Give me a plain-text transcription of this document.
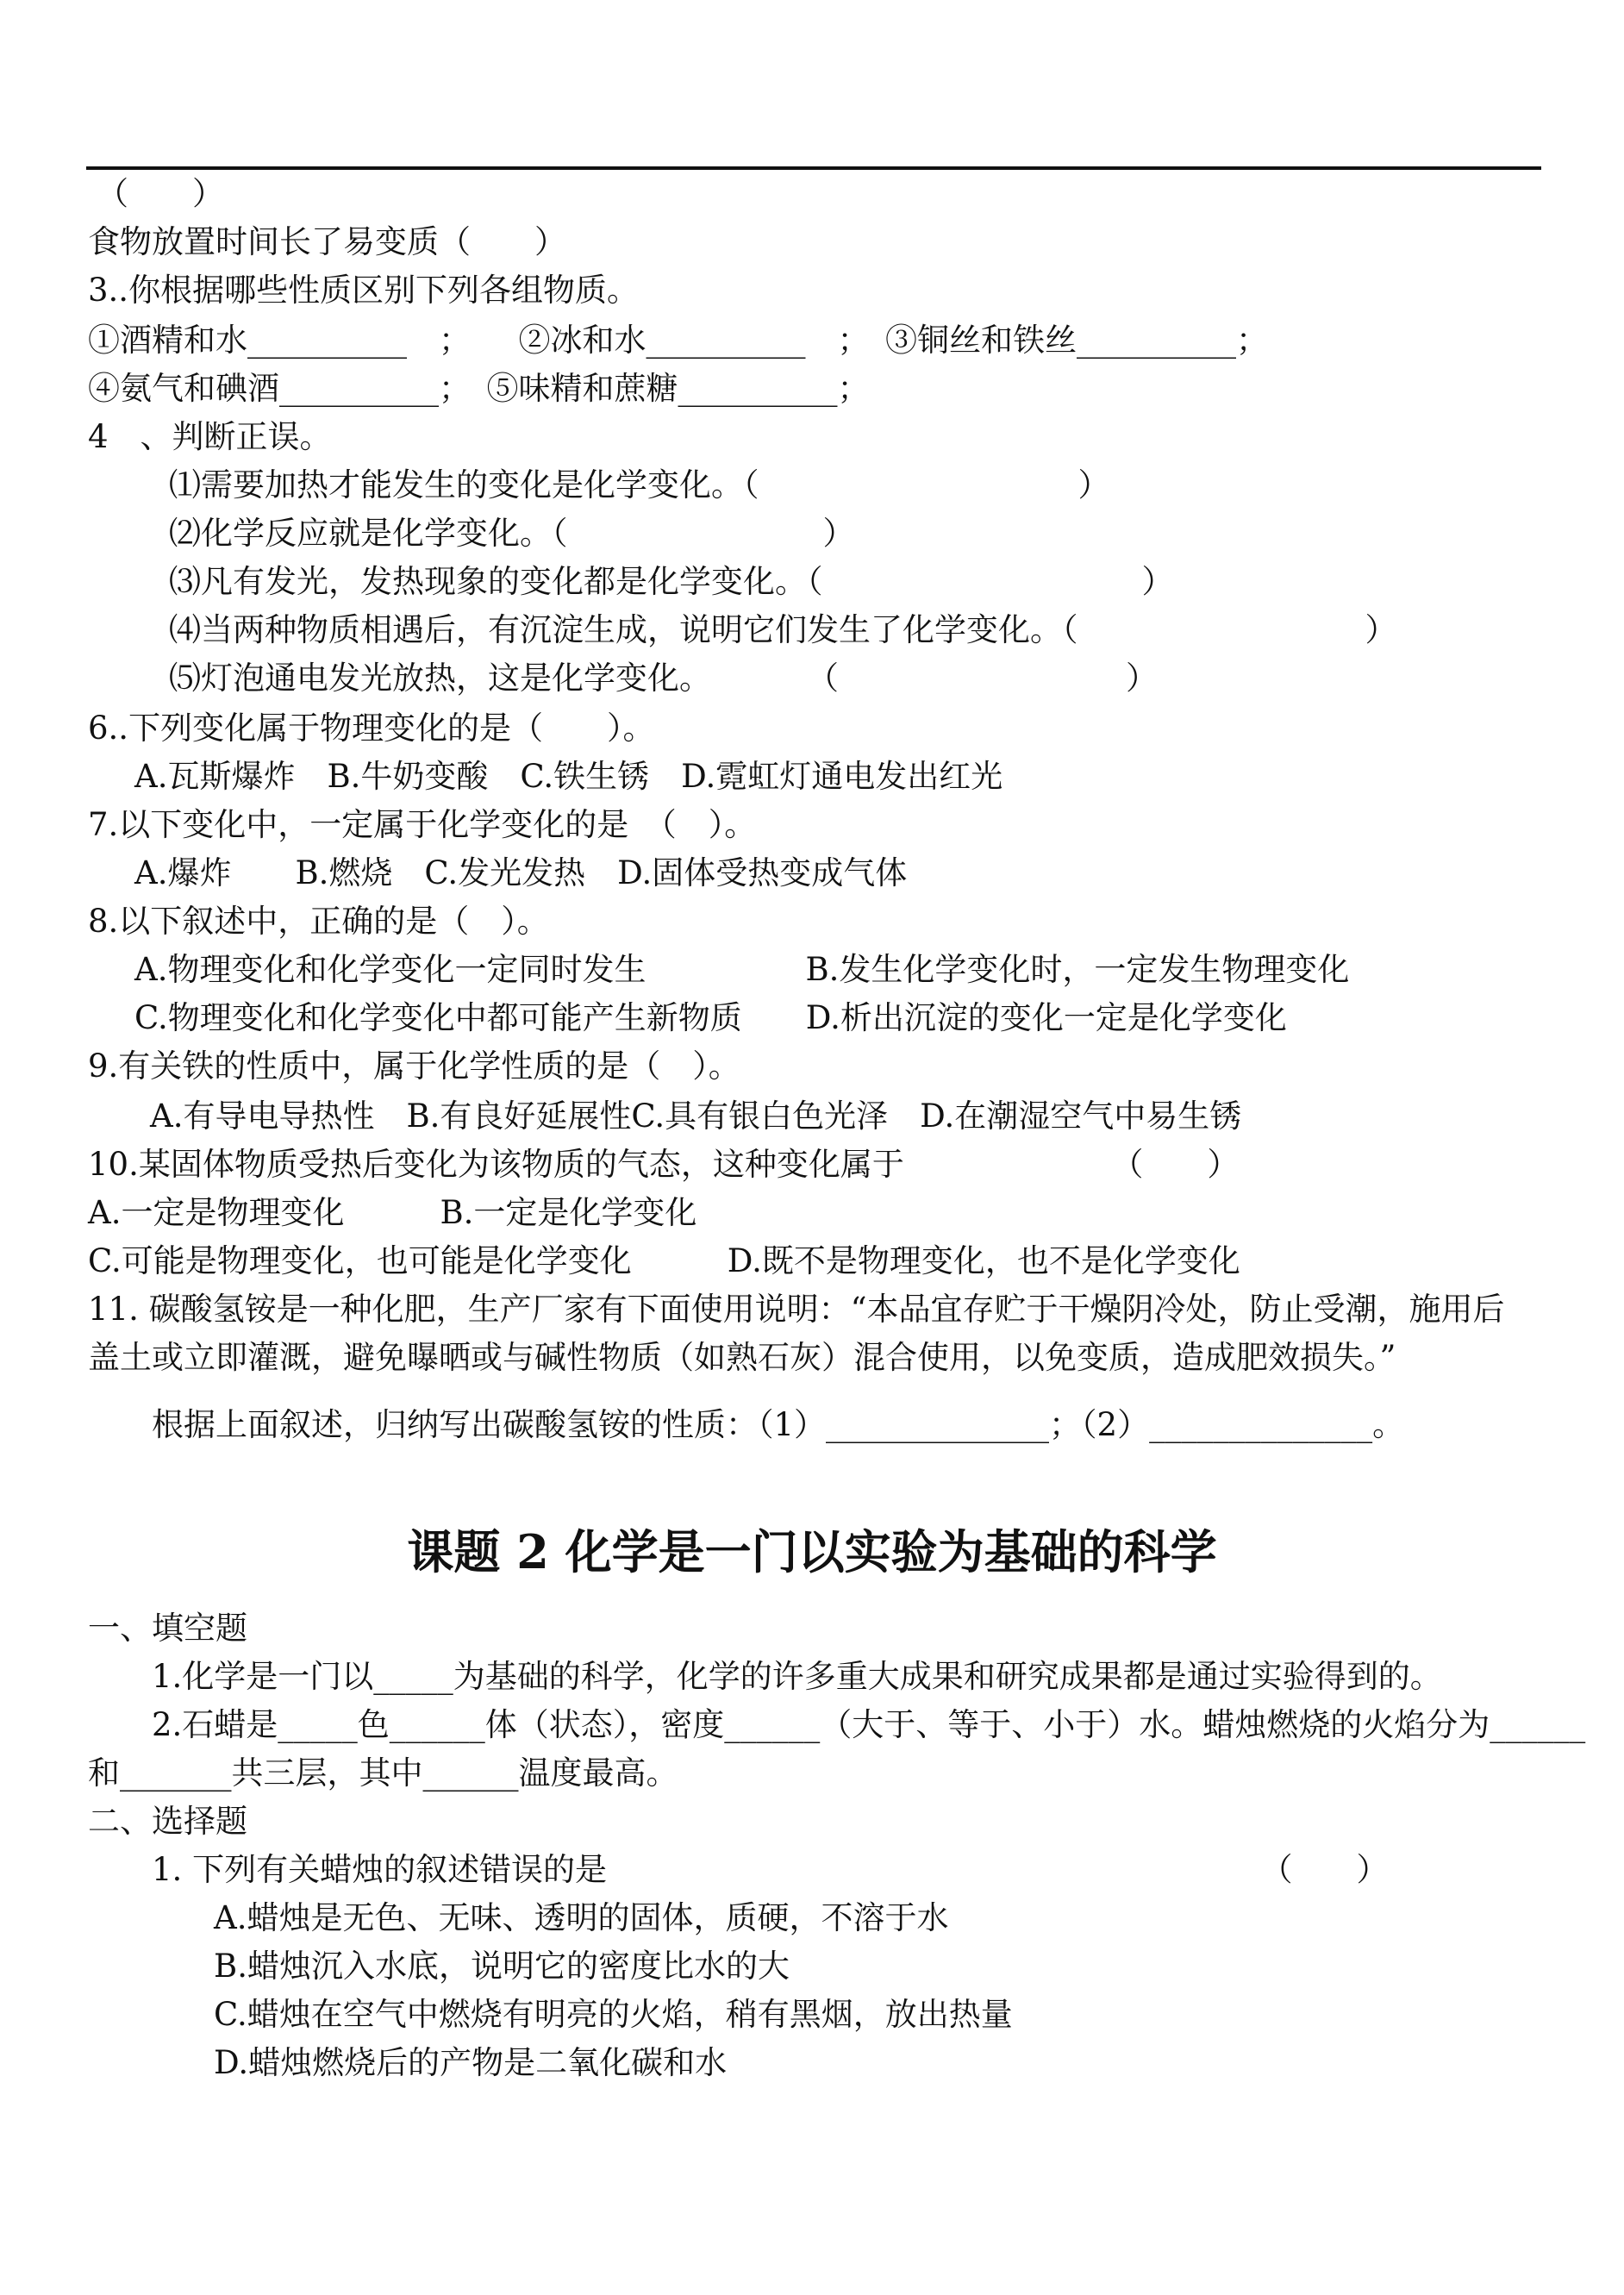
（　　）
食物放置时间长了易变质（　　）
3..你根据哪些性质区别下列各组物质。
①酒精和水__________　；　　②冰和水__________　；　③铜丝和铁丝__________；
④氨气和碘酒__________；　⑤味精和蔗糖__________；
4　、判断正误。
⑴需要加热才能发生的变化是化学变化。（　　　　　　　　　　）
⑵化学反应就是化学变化。（　　　　　　　　）
⑶凡有发光，发热现象的变化都是化学变化。（　　　　　　　　　　）
⑷当两种物质相遇后，有沉淀生成，说明它们发生了化学变化。（　　　　　　　　　）
⑸灯泡通电发光放热，这是化学变化。　　　　（　　　　　　　　　）
6..下列变化属于物理变化的是（　　）。
A.瓦斯爆炸　B.牛奶变酸　C.铁生锈　D.霓虹灯通电发出红光
7.以下变化中，一定属于化学变化的是　（　）。
A.爆炸　　B.燃烧　C.发光发热　D.固体受热变成气体
8.以下叙述中，正确的是（　）。
A.物理变化和化学变化一定同时发生　　　　　B.发生化学变化时，一定发生物理变化
C.物理变化和化学变化中都可能产生新物质　　D.析出沉淀的变化一定是化学变化
9.有关铁的性质中，属于化学性质的是（　）。
A.有导电导热性　B.有良好延展性C.具有银白色光泽　D.在潮湿空气中易生锈
10.某固体物质受热后变化为该物质的气态，这种变化属于　　　　　　　（　　）
A.一定是物理变化　　　B.一定是化学变化
C.可能是物理变化，也可能是化学变化　　　D.既不是物理变化，也不是化学变化
11. 碳酸氢铵是一种化肥，生产厂家有下面使用说明：“本品宜存贮于干燥阴冷处，防止受潮，施用后
盖土或立即灌溉，避免曝晒或与碱性物质（如熟石灰）混合使用，以免变质，造成肥效损失。”
根据上面叙述，归纳写出碳酸氢铵的性质：（1）______________；（2）______________。
课题 2 化学是一门以实验为基础的科学
一、填空题
1.化学是一门以_____为基础的科学，化学的许多重大成果和研究成果都是通过实验得到的。
2.石蜡是_____色______体（状态），密度______（大于、等于、小于）水。蜡烛燃烧的火焰分为______
和_______共三层，其中______温度最高。
二、选择题
1. 下列有关蜡烛的叙述错误的是　　　　　　　　　　　　　　　　　　　　　（　　）
A.蜡烛是无色、无味、透明的固体，质硬，不溶于水
B.蜡烛沉入水底，说明它的密度比水的大
C.蜡烛在空气中燃烧有明亮的火焰，稍有黑烟，放出热量
D.蜡烛燃烧后的产物是二氧化碳和水
